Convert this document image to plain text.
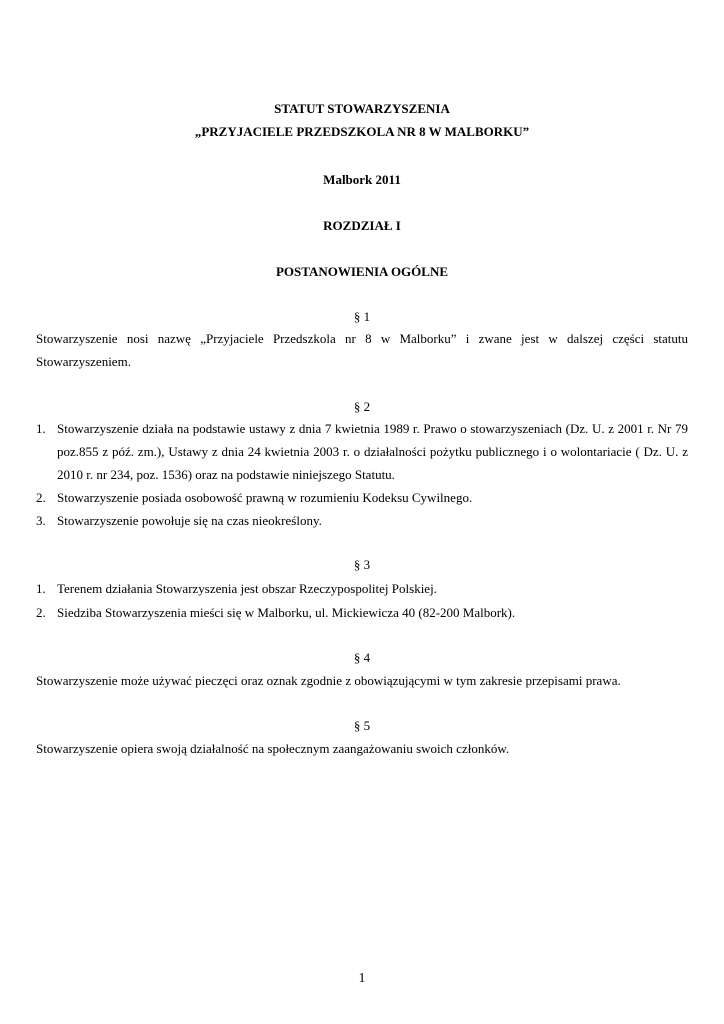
STATUT STOWARZYSZENIA
„PRZYJACIELE PRZEDSZKOLA NR 8 W MALBORKU”
Malbork 2011
ROZDZIAŁ I
POSTANOWIENIA OGÓLNE
§ 1
Stowarzyszenie nosi nazwę „Przyjaciele Przedszkola nr 8 w Malborku” i zwane jest w dalszej części statutu Stowarzyszeniem.
§ 2
1. Stowarzyszenie działa na podstawie ustawy z dnia 7 kwietnia 1989 r. Prawo o stowarzyszeniach (Dz. U. z 2001 r. Nr 79 poz.855 z póź. zm.), Ustawy z dnia 24 kwietnia 2003 r. o działalności pożytku publicznego i o wolontariacie ( Dz. U. z 2010 r. nr 234, poz. 1536) oraz na podstawie niniejszego Statutu.
2. Stowarzyszenie posiada osobowość prawną w rozumieniu Kodeksu Cywilnego.
3. Stowarzyszenie powołuje się na czas nieokreślony.
§ 3
1. Terenem działania Stowarzyszenia jest obszar Rzeczypospolitej Polskiej.
2. Siedziba Stowarzyszenia mieści się w Malborku, ul. Mickiewicza 40 (82-200 Malbork).
§ 4
Stowarzyszenie może używać pieczęci oraz oznak zgodnie z obowiązującymi w tym zakresie przepisami prawa.
§ 5
Stowarzyszenie opiera swoją działalność na społecznym zaangażowaniu swoich członków.
1
